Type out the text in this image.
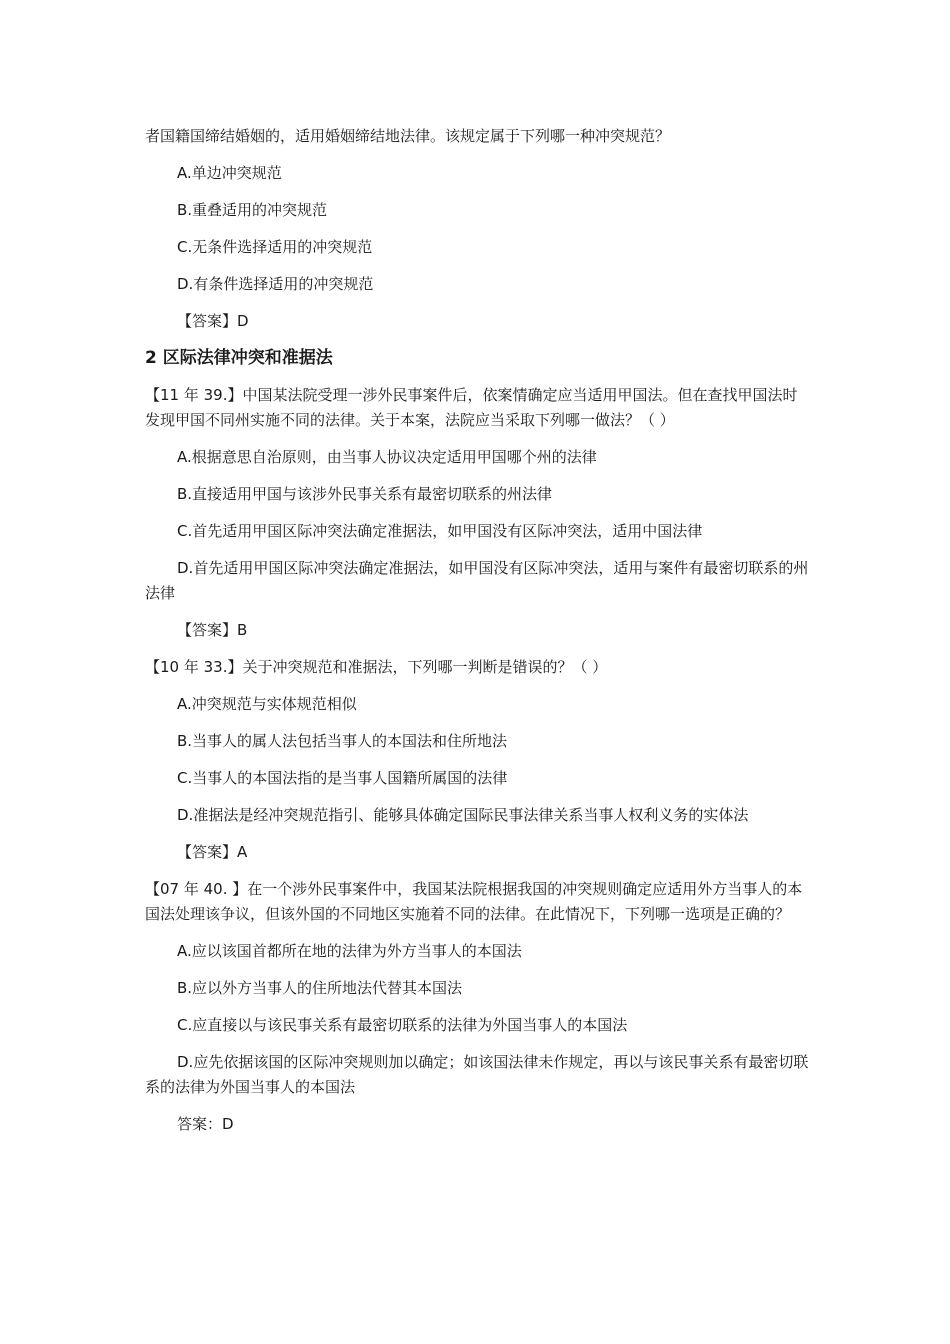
者国籍国缔结婚姻的，适用婚姻缔结地法律。该规定属于下列哪一种冲突规范？
A.单边冲突规范
B.重叠适用的冲突规范
C.无条件选择适用的冲突规范
D.有条件选择适用的冲突规范
【答案】D
2 区际法律冲突和准据法
【11 年 39.】中国某法院受理一涉外民事案件后，依案情确定应当适用甲国法。但在查找甲国法时发现甲国不同州实施不同的法律。关于本案，法院应当采取下列哪一做法？（ ）
A.根据意思自治原则，由当事人协议决定适用甲国哪个州的法律
B.直接适用甲国与该涉外民事关系有最密切联系的州法律
C.首先适用甲国区际冲突法确定准据法，如甲国没有区际冲突法，适用中国法律
D.首先适用甲国区际冲突法确定准据法，如甲国没有区际冲突法，适用与案件有最密切联系的州法律
【答案】B
【10 年 33.】关于冲突规范和准据法，下列哪一判断是错误的？（ ）
A.冲突规范与实体规范相似
B.当事人的属人法包括当事人的本国法和住所地法
C.当事人的本国法指的是当事人国籍所属国的法律
D.准据法是经冲突规范指引、能够具体确定国际民事法律关系当事人权利义务的实体法
【答案】A
【07 年 40. 】在一个涉外民事案件中，我国某法院根据我国的冲突规则确定应适用外方当事人的本国法处理该争议，但该外国的不同地区实施着不同的法律。在此情况下，下列哪一选项是正确的？
A.应以该国首都所在地的法律为外方当事人的本国法
B.应以外方当事人的住所地法代替其本国法
C.应直接以与该民事关系有最密切联系的法律为外国当事人的本国法
D.应先依据该国的区际冲突规则加以确定；如该国法律未作规定，再以与该民事关系有最密切联系的法律为外国当事人的本国法
答案：D
